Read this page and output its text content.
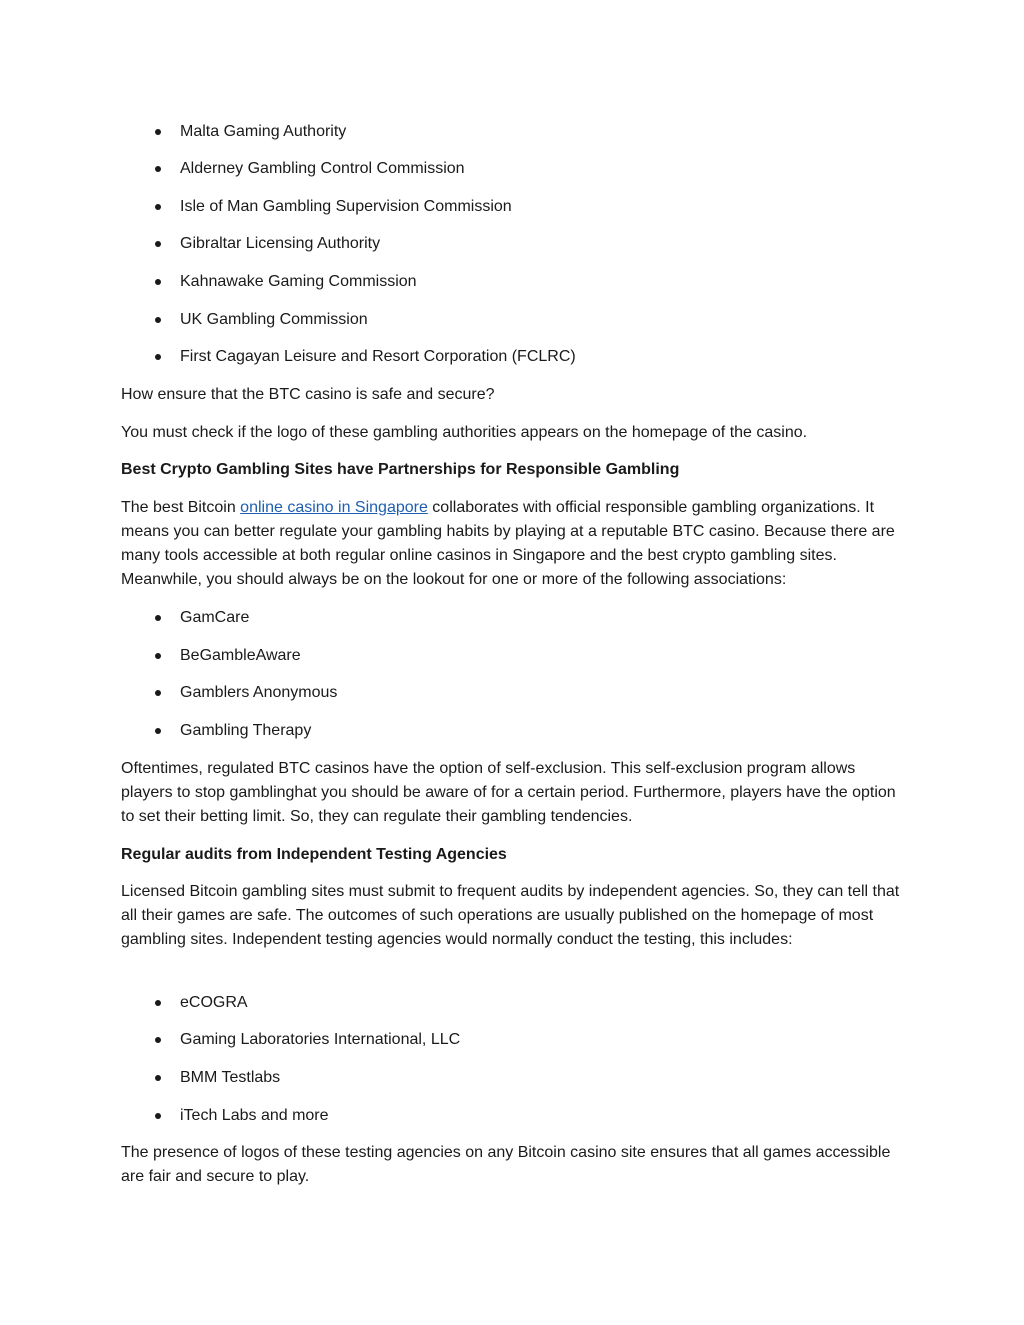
Malta Gaming Authority
Alderney Gambling Control Commission
Isle of Man Gambling Supervision Commission
Gibraltar Licensing Authority
Kahnawake Gaming Commission
UK Gambling Commission
First Cagayan Leisure and Resort Corporation (FCLRC)

How ensure that the BTC casino is safe and secure?

You must check if the logo of these gambling authorities appears on the homepage of the casino.

Best Crypto Gambling Sites have Partnerships for Responsible Gambling

The best Bitcoin online casino in Singapore collaborates with official responsible gambling organizations. It means you can better regulate your gambling habits by playing at a reputable BTC casino. Because there are many tools accessible at both regular online casinos in Singapore and the best crypto gambling sites. Meanwhile, you should always be on the lookout for one or more of the following associations:

GamCare
BeGambleAware
Gamblers Anonymous
Gambling Therapy

Oftentimes, regulated BTC casinos have the option of self-exclusion. This self-exclusion program allows players to stop gamblinghat you should be aware of for a certain period. Furthermore, players have the option to set their betting limit. So, they can regulate their gambling tendencies.

Regular audits from Independent Testing Agencies

Licensed Bitcoin gambling sites must submit to frequent audits by independent agencies. So, they can tell that all their games are safe. The outcomes of such operations are usually published on the homepage of most gambling sites. Independent testing agencies would normally conduct the testing, this includes:

eCOGRA
Gaming Laboratories International, LLC
BMM Testlabs
iTech Labs and more

The presence of logos of these testing agencies on any Bitcoin casino site ensures that all games accessible are fair and secure to play.
